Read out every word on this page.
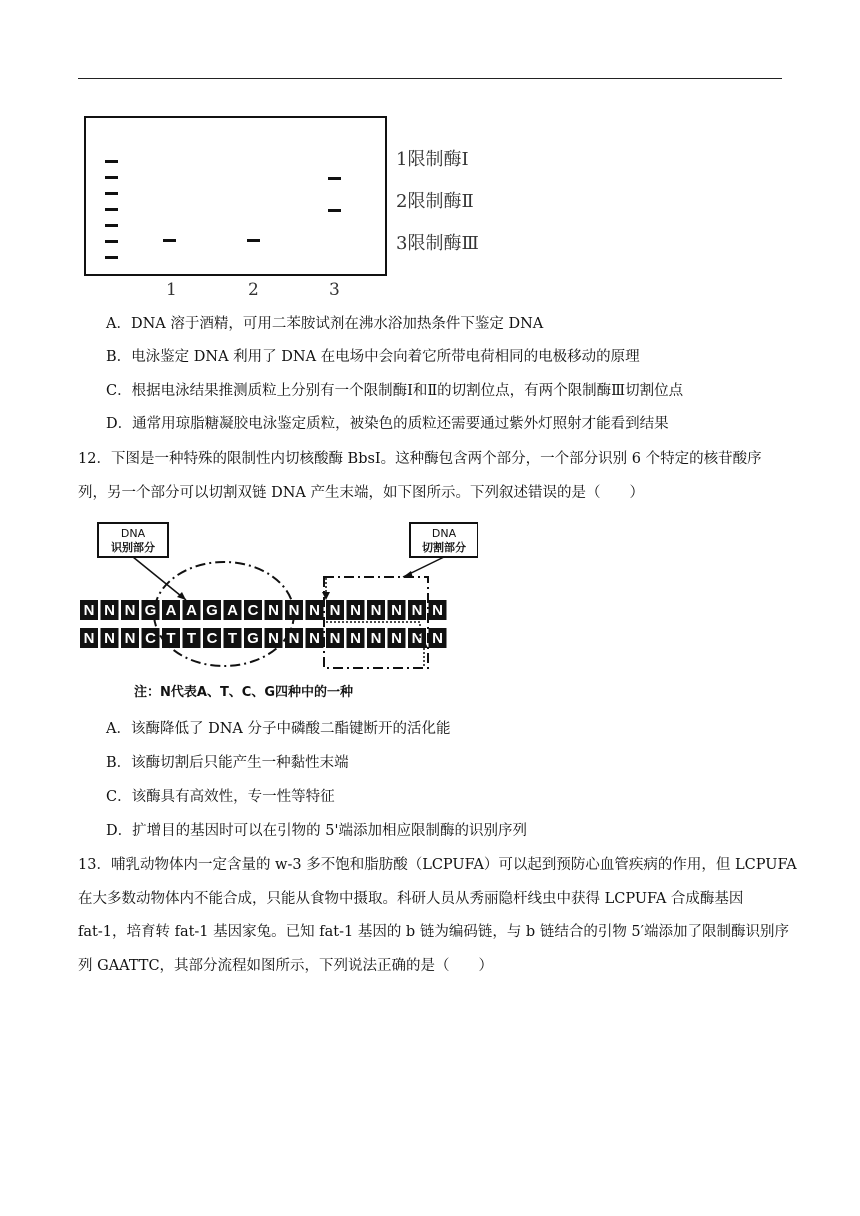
1限制酶Ⅰ
2限制酶Ⅱ
3限制酶Ⅲ
1	2	3
A．DNA 溶于酒精，可用二苯胺试剂在沸水浴加热条件下鉴定 DNA
B．电泳鉴定 DNA 利用了 DNA 在电场中会向着它所带电荷相同的电极移动的原理
C．根据电泳结果推测质粒上分别有一个限制酶Ⅰ和Ⅱ的切割位点，有两个限制酶Ⅲ切割位点
D．通常用琼脂糖凝胶电泳鉴定质粒，被染色的质粒还需要通过紫外灯照射才能看到结果
12．下图是一种特殊的限制性内切核酸酶 BbsI。这种酶包含两个部分，一个部分识别 6 个特定的核苷酸序
列，另一个部分可以切割双链 DNA 产生末端，如下图所示。下列叙述错误的是（　　）
DNA
识别部分
DNA
切割部分
N N N G A A G A C N N N N N N N N N
N N N C T T C T G N N N N N N N N N
注：N代表A、T、C、G四种中的一种
A．该酶降低了 DNA 分子中磷酸二酯键断开的活化能
B．该酶切割后只能产生一种黏性末端
C．该酶具有高效性，专一性等特征
D．扩增目的基因时可以在引物的 5'端添加相应限制酶的识别序列
13．哺乳动物体内一定含量的 w-3 多不饱和脂肪酸（LCPUFA）可以起到预防心血管疾病的作用，但 LCPUFA
在大多数动物体内不能合成，只能从食物中摄取。科研人员从秀丽隐杆线虫中获得 LCPUFA 合成酶基因
fat-1，培育转 fat-1 基因家兔。已知 fat-1 基因的 b 链为编码链，与 b 链结合的引物 5′端添加了限制酶识别序
列 GAATTC，其部分流程如图所示，下列说法正确的是（　　）
